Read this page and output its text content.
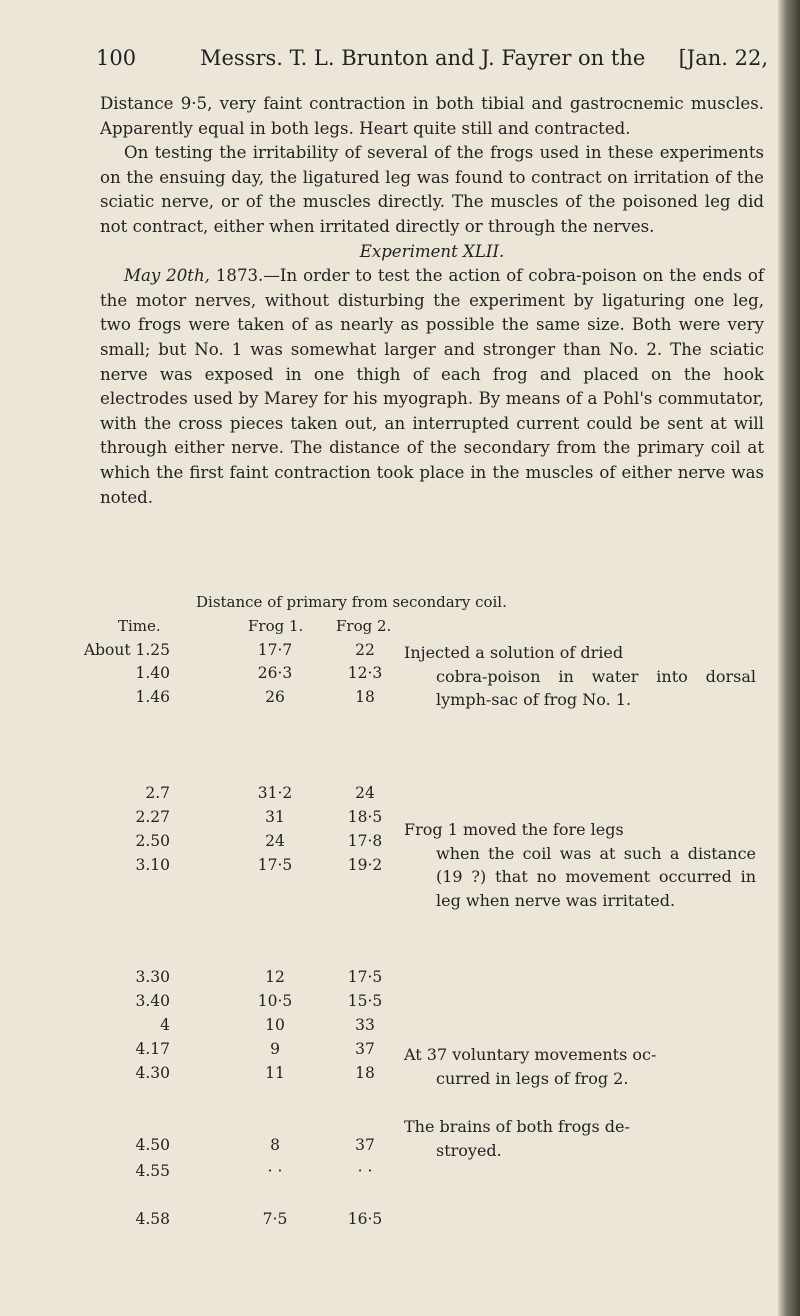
100	Messrs. T. L. Brunton and J. Fayrer on the [Jan. 22,

Distance 9·5, very faint contraction in both tibial and gastrocnemic muscles. Apparently equal in both legs. Heart quite still and contracted.

On testing the irritability of several of the frogs used in these experiments on the ensuing day, the ligatured leg was found to contract on irritation of the sciatic nerve, or of the muscles directly. The muscles of the poisoned leg did not contract, either when irritated directly or through the nerves.

Experiment XLII.

May 20th, 1873.—In order to test the action of cobra-poison on the ends of the motor nerves, without disturbing the experiment by ligaturing one leg, two frogs were taken of as nearly as possible the same size. Both were very small; but No. 1 was somewhat larger and stronger than No. 2. The sciatic nerve was exposed in one thigh of each frog and placed on the hook electrodes used by Marey for his myograph. By means of a Pohl's commutator, with the cross pieces taken out, an interrupted current could be sent at will through either nerve. The distance of the secondary from the primary coil at which the first faint contraction took place in the muscles of either nerve was noted.

Distance of primary from secondary coil.
Time.	Frog 1. Frog 2.
About 1.25	17·7	22
1.40	26·3	12·3
1.46	26	18
2.7	31·2	24
2.27	31	18·5
2.50	24	17·8
3.10	17·5	19·2
3.30	12	17·5
3.40	10·5	15·5
4	10	33
4.17	9	37
4.30	11	18
4.50	8	37
4.55	· ·	· ·
4.58	7·5	16·5
Injected a solution of dried
cobra-poison in water into dorsal lymph-sac of frog No. 1.
Frog 1 moved the fore legs
when the coil was at such a distance (19 ?) that no movement occurred in leg when nerve was irritated.
At 37 voluntary movements oc-
curred in legs of frog 2.
The brains of both frogs de-
stroyed.
